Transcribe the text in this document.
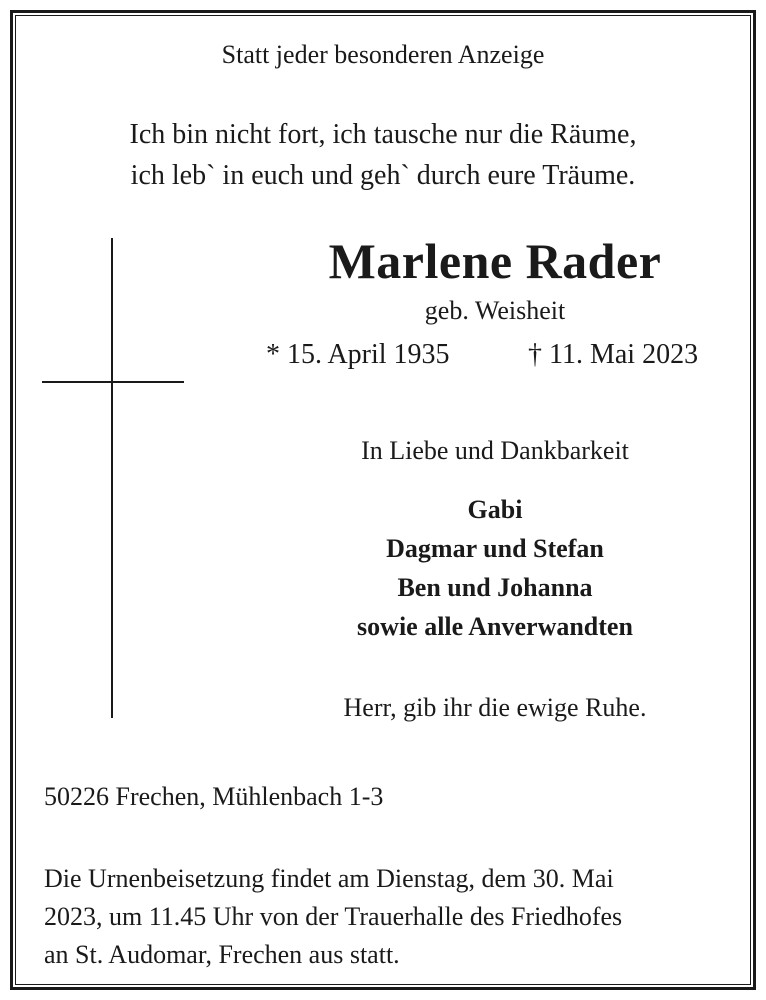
Statt jeder besonderen Anzeige
Ich bin nicht fort, ich tausche nur die Räume,
ich leb` in euch und geh` durch eure Träume.
Marlene Rader
geb. Weisheit
* 15. April 1935	† 11. Mai 2023
In Liebe und Dankbarkeit
Gabi
Dagmar und Stefan
Ben und Johanna
sowie alle Anverwandten
Herr, gib ihr die ewige Ruhe.
50226 Frechen, Mühlenbach 1-3
Die Urnenbeisetzung findet am Dienstag, dem 30. Mai
2023, um 11.45 Uhr von der Trauerhalle des Friedhofes
an St. Audomar, Frechen aus statt.
